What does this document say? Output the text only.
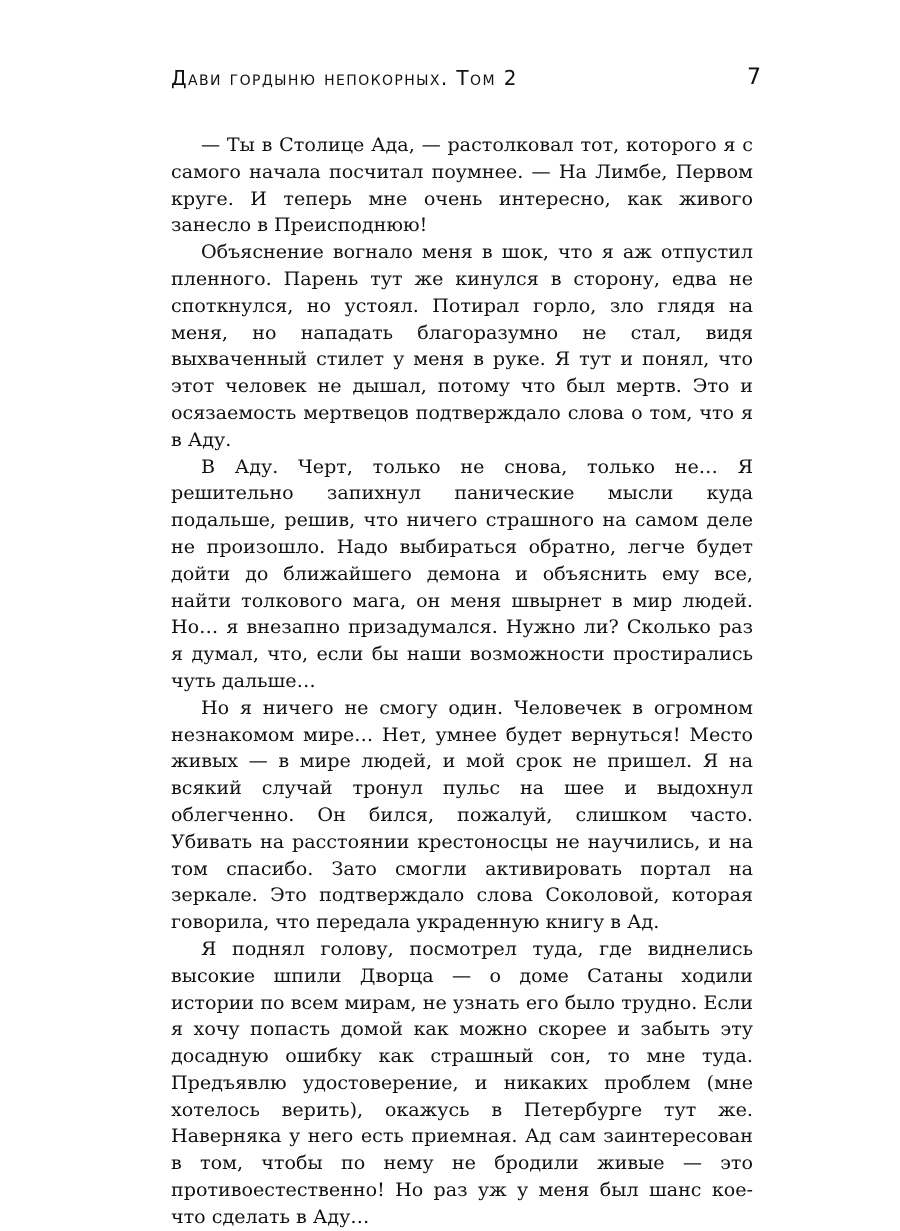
Дави гордыню непокорных. Том 2	7

— Ты в Столице Ада, — растолковал тот, которого я с самого начала посчитал поумнее. — На Лимбе, Первом круге. И теперь мне очень интересно, как живого занесло в Преисподнюю!

Объяснение вогнало меня в шок, что я аж отпустил пленного. Парень тут же кинулся в сторону, едва не споткнулся, но устоял. Потирал горло, зло глядя на меня, но нападать благоразумно не стал, видя выхваченный стилет у меня в руке. Я тут и понял, что этот человек не дышал, потому что был мертв. Это и осязаемость мертвецов подтверждало слова о том, что я в Аду.

В Аду. Черт, только не снова, только не… Я решительно запихнул панические мысли куда подальше, решив, что ничего страшного на самом деле не произошло. Надо выбираться обратно, легче будет дойти до ближайшего демона и объяснить ему все, найти толкового мага, он меня швырнет в мир людей. Но… я внезапно призадумался. Нужно ли? Сколько раз я думал, что, если бы наши возможности простирались чуть дальше…

Но я ничего не смогу один. Человечек в огромном незнакомом мире… Нет, умнее будет вернуться! Место живых — в мире людей, и мой срок не пришел. Я на всякий случай тронул пульс на шее и выдохнул облегченно. Он бился, пожалуй, слишком часто. Убивать на расстоянии крестоносцы не научились, и на том спасибо. Зато смогли активировать портал на зеркале. Это подтверждало слова Соколовой, которая говорила, что передала украденную книгу в Ад.

Я поднял голову, посмотрел туда, где виднелись высокие шпили Дворца — о доме Сатаны ходили истории по всем мирам, не узнать его было трудно. Если я хочу попасть домой как можно скорее и забыть эту досадную ошибку как страшный сон, то мне туда. Предъявлю удостоверение, и никаких проблем (мне хотелось верить), окажусь в Петербурге тут же. Наверняка у него есть приемная. Ад сам заинтересован в том, чтобы по нему не бродили живые — это противоестественно! Но раз уж у меня был шанс кое-что сделать в Аду…
